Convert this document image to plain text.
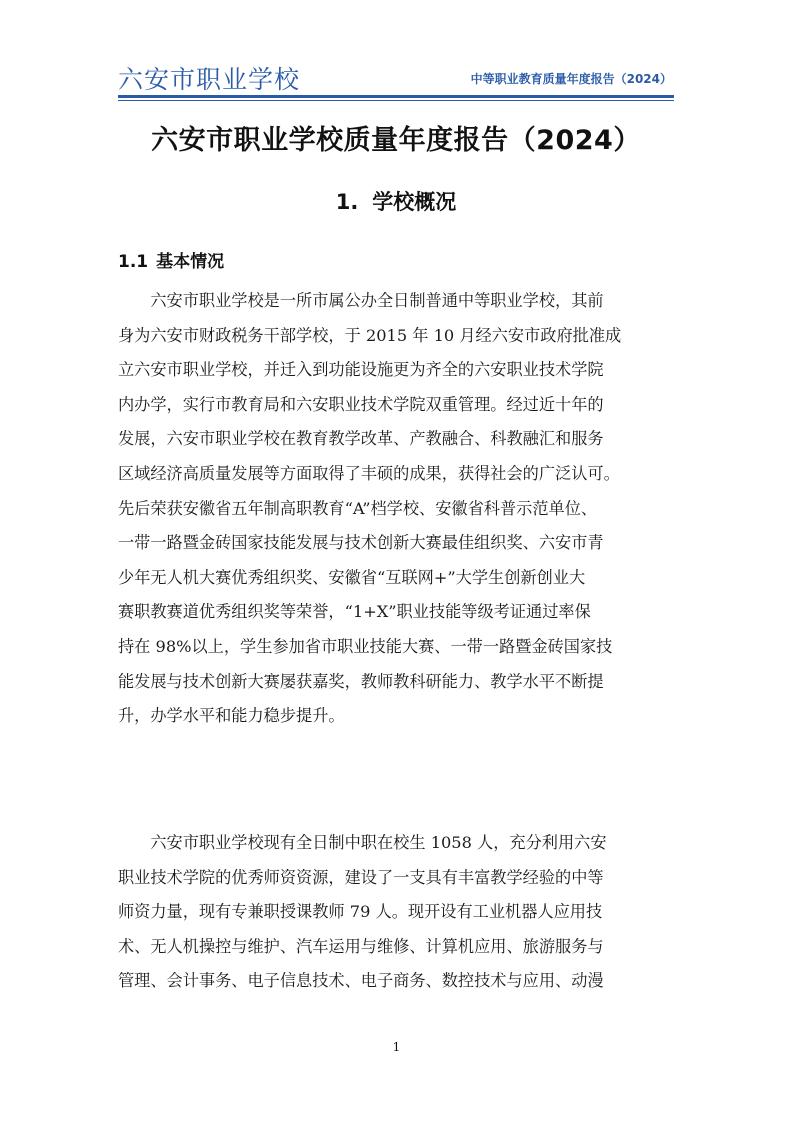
六安市职业学校	中等职业教育质量年度报告（2024）
六安市职业学校质量年度报告（2024）
1. 学校概况
1.1 基本情况
　　六安市职业学校是一所市属公办全日制普通中等职业学校，其前
身为六安市财政税务干部学校，于 2015 年 10 月经六安市政府批准成
立六安市职业学校，并迁入到功能设施更为齐全的六安职业技术学院
内办学，实行市教育局和六安职业技术学院双重管理。经过近十年的
发展，六安市职业学校在教育教学改革、产教融合、科教融汇和服务
区域经济高质量发展等方面取得了丰硕的成果，获得社会的广泛认可。
先后荣获安徽省五年制高职教育“A”档学校、安徽省科普示范单位、
一带一路暨金砖国家技能发展与技术创新大赛最佳组织奖、六安市青
少年无人机大赛优秀组织奖、安徽省“互联网+”大学生创新创业大
赛职教赛道优秀组织奖等荣誉，“1+X”职业技能等级考证通过率保
持在 98%以上，学生参加省市职业技能大赛、一带一路暨金砖国家技
能发展与技术创新大赛屡获嘉奖，教师教科研能力、教学水平不断提
升，办学水平和能力稳步提升。
　　六安市职业学校现有全日制中职在校生 1058 人，充分利用六安
职业技术学院的优秀师资资源，建设了一支具有丰富教学经验的中等
师资力量，现有专兼职授课教师 79 人。现开设有工业机器人应用技
术、无人机操控与维护、汽车运用与维修、计算机应用、旅游服务与
管理、会计事务、电子信息技术、电子商务、数控技术与应用、动漫
1
